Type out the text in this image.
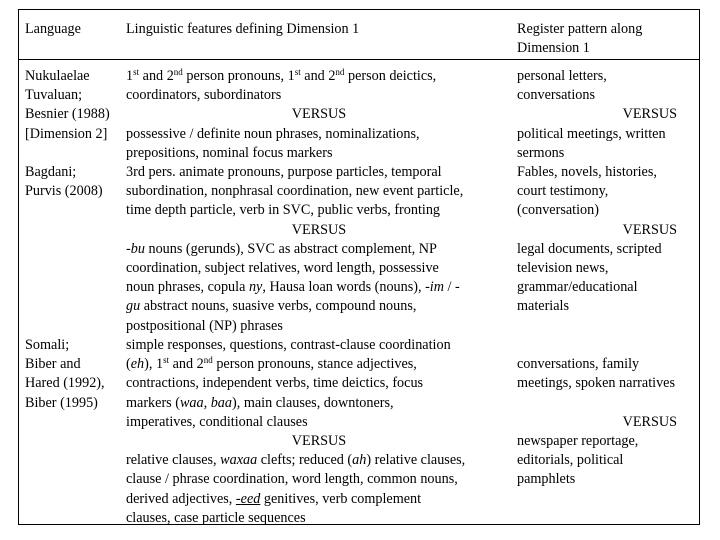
Language	Linguistic features defining Dimension 1	Register pattern along
Dimension 1
Nukulaelae
Tuvaluan;
Besnier (1988)
[Dimension 2]
1st and 2nd person pronouns, 1st and 2nd person deictics,
coordinators, subordinators
VERSUS
possessive / definite noun phrases, nominalizations,
prepositions, nominal focus markers
personal letters,
conversations
VERSUS
political meetings, written
sermons
Bagdani;
Purvis (2008)
3rd pers. animate pronouns, purpose particles, temporal
subordination, nonphrasal coordination, new event particle,
time depth particle, verb in SVC, public verbs, fronting
VERSUS
-bu nouns (gerunds), SVC as abstract complement, NP
coordination, subject relatives, word length, possessive
noun phrases, copula ny, Hausa loan words (nouns), -im / -
gu abstract nouns, suasive verbs, compound nouns,
postpositional (NP) phrases
Fables, novels, histories,
court testimony,
(conversation)
VERSUS
legal documents, scripted
television news,
grammar/educational
materials
Somali;
Biber and
Hared (1992),
Biber (1995)
simple responses, questions, contrast-clause coordination
(eh), 1st and 2nd person pronouns, stance adjectives,
contractions, independent verbs, time deictics, focus
markers (waa, baa), main clauses, downtoners,
imperatives, conditional clauses
VERSUS
relative clauses, waxaa clefts; reduced (ah) relative clauses,
clause / phrase coordination, word length, common nouns,
derived adjectives, -eed genitives, verb complement
clauses, case particle sequences
conversations, family
meetings, spoken narratives

VERSUS
newspaper reportage,
editorials, political
pamphlets
